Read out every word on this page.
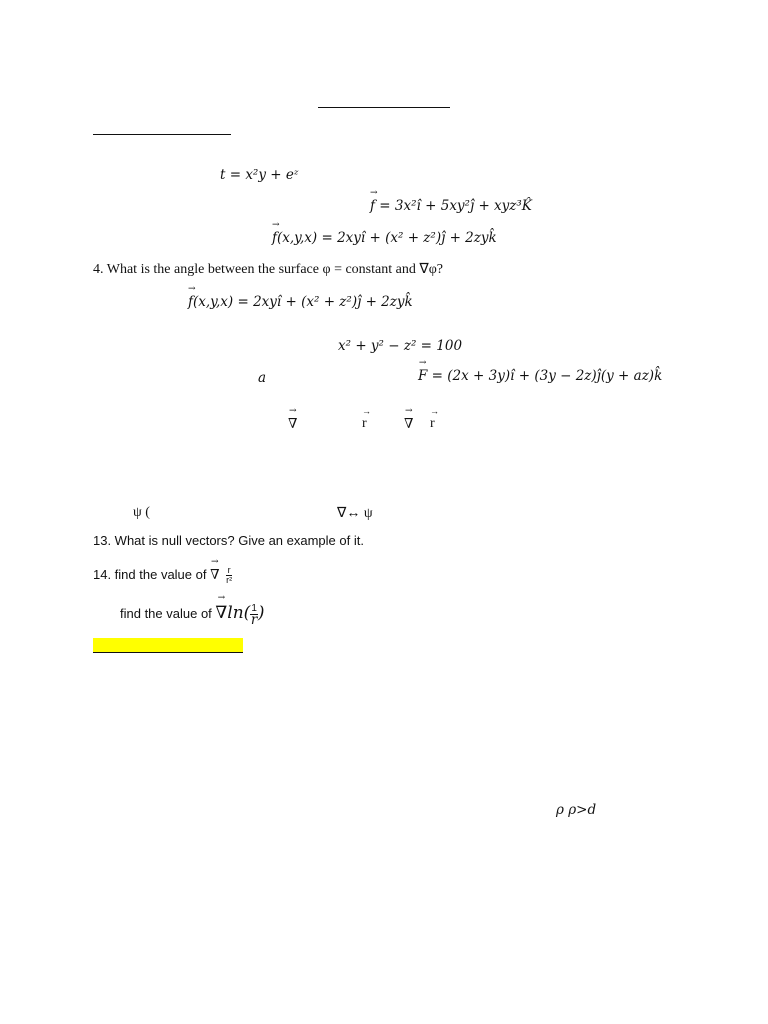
t = x²y + eᶻ
→ f = 3x²î + 5xy²ĵ + xyz³K̂
→ f(x,y,x) = 2xyî + (x² + z²)ĵ + 2zyk̂
4. What is the angle between the surface φ = constant and ∇φ?
→ f(x,y,x) = 2xyî + (x² + z²)ĵ + 2zyk̂
x² + y² − z² = 100
a	→ F = (2x + 3y)î + (3y − 2z)ĵ(y + az)k̂
→ ∇	→ r	→ ∇ → r
ψ (	∇↔ ψ
13. What is null vectors? Give an example of it.
14. find the value of → ∇ $\frac{r}{\text{r²}}$
find the value of → ∇ln( 1
r )
ρ ρ>d
